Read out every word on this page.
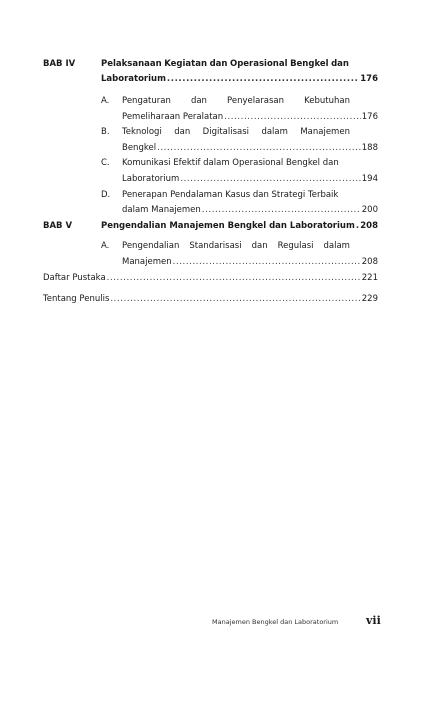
BAB IV	Pelaksanaan Kegiatan dan Operasional Bengkel dan
Laboratorium .....	176
A. Pengaturan dan Penyelarasan Kebutuhan
Pemeliharaan Peralatan .....	176
B. Teknologi dan Digitalisasi dalam Manajemen
Bengkel .....	188
C. Komunikasi Efektif dalam Operasional Bengkel dan
Laboratorium .....	194
D. Penerapan Pendalaman Kasus dan Strategi Terbaik
dalam Manajemen .....	200
BAB V	Pengendalian Manajemen Bengkel dan Laboratorium ..... 208
A. Pengendalian Standarisasi dan Regulasi dalam
Manajemen .....	208
Daftar Pustaka .....	221
Tentang Penulis .....	229
Manajemen Bengkel dan Laboratorium	vii
